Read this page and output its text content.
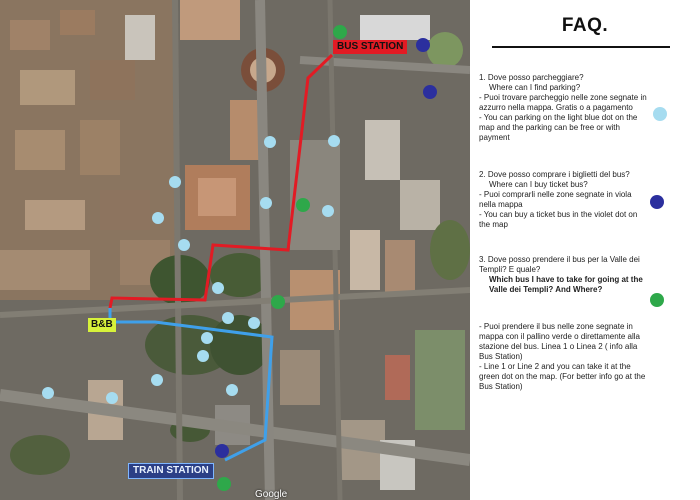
BUS STATION
B&B
TRAIN STATION
Google
FAQ.
1. Dove posso parcheggiare?
Where can I find parking?
- Puoi trovare parcheggio nelle zone segnate in azzurro nella mappa. Gratis o a pagamento
- You can parking on the light blue dot on the map and the parking can be free or with payment
2. Dove posso comprare i biglietti del bus?
Where can I buy ticket bus?
- Puoi comprarli nelle zone segnate in viola nella mappa
- You can buy a ticket bus in the violet dot on the map
3. Dove posso prendere il bus per la Valle dei Templi? E quale?
Which bus I have to take for going at the Valle dei Templi? And Where?
- Puoi prendere il bus nelle zone segnate in mappa con il pallino verde o direttamente alla stazione del bus. Linea 1 o Linea 2 ( info alla Bus Station)
- Line 1 or Line 2 and you can take it at the green dot on the map. (For better info go at the Bus Station)
